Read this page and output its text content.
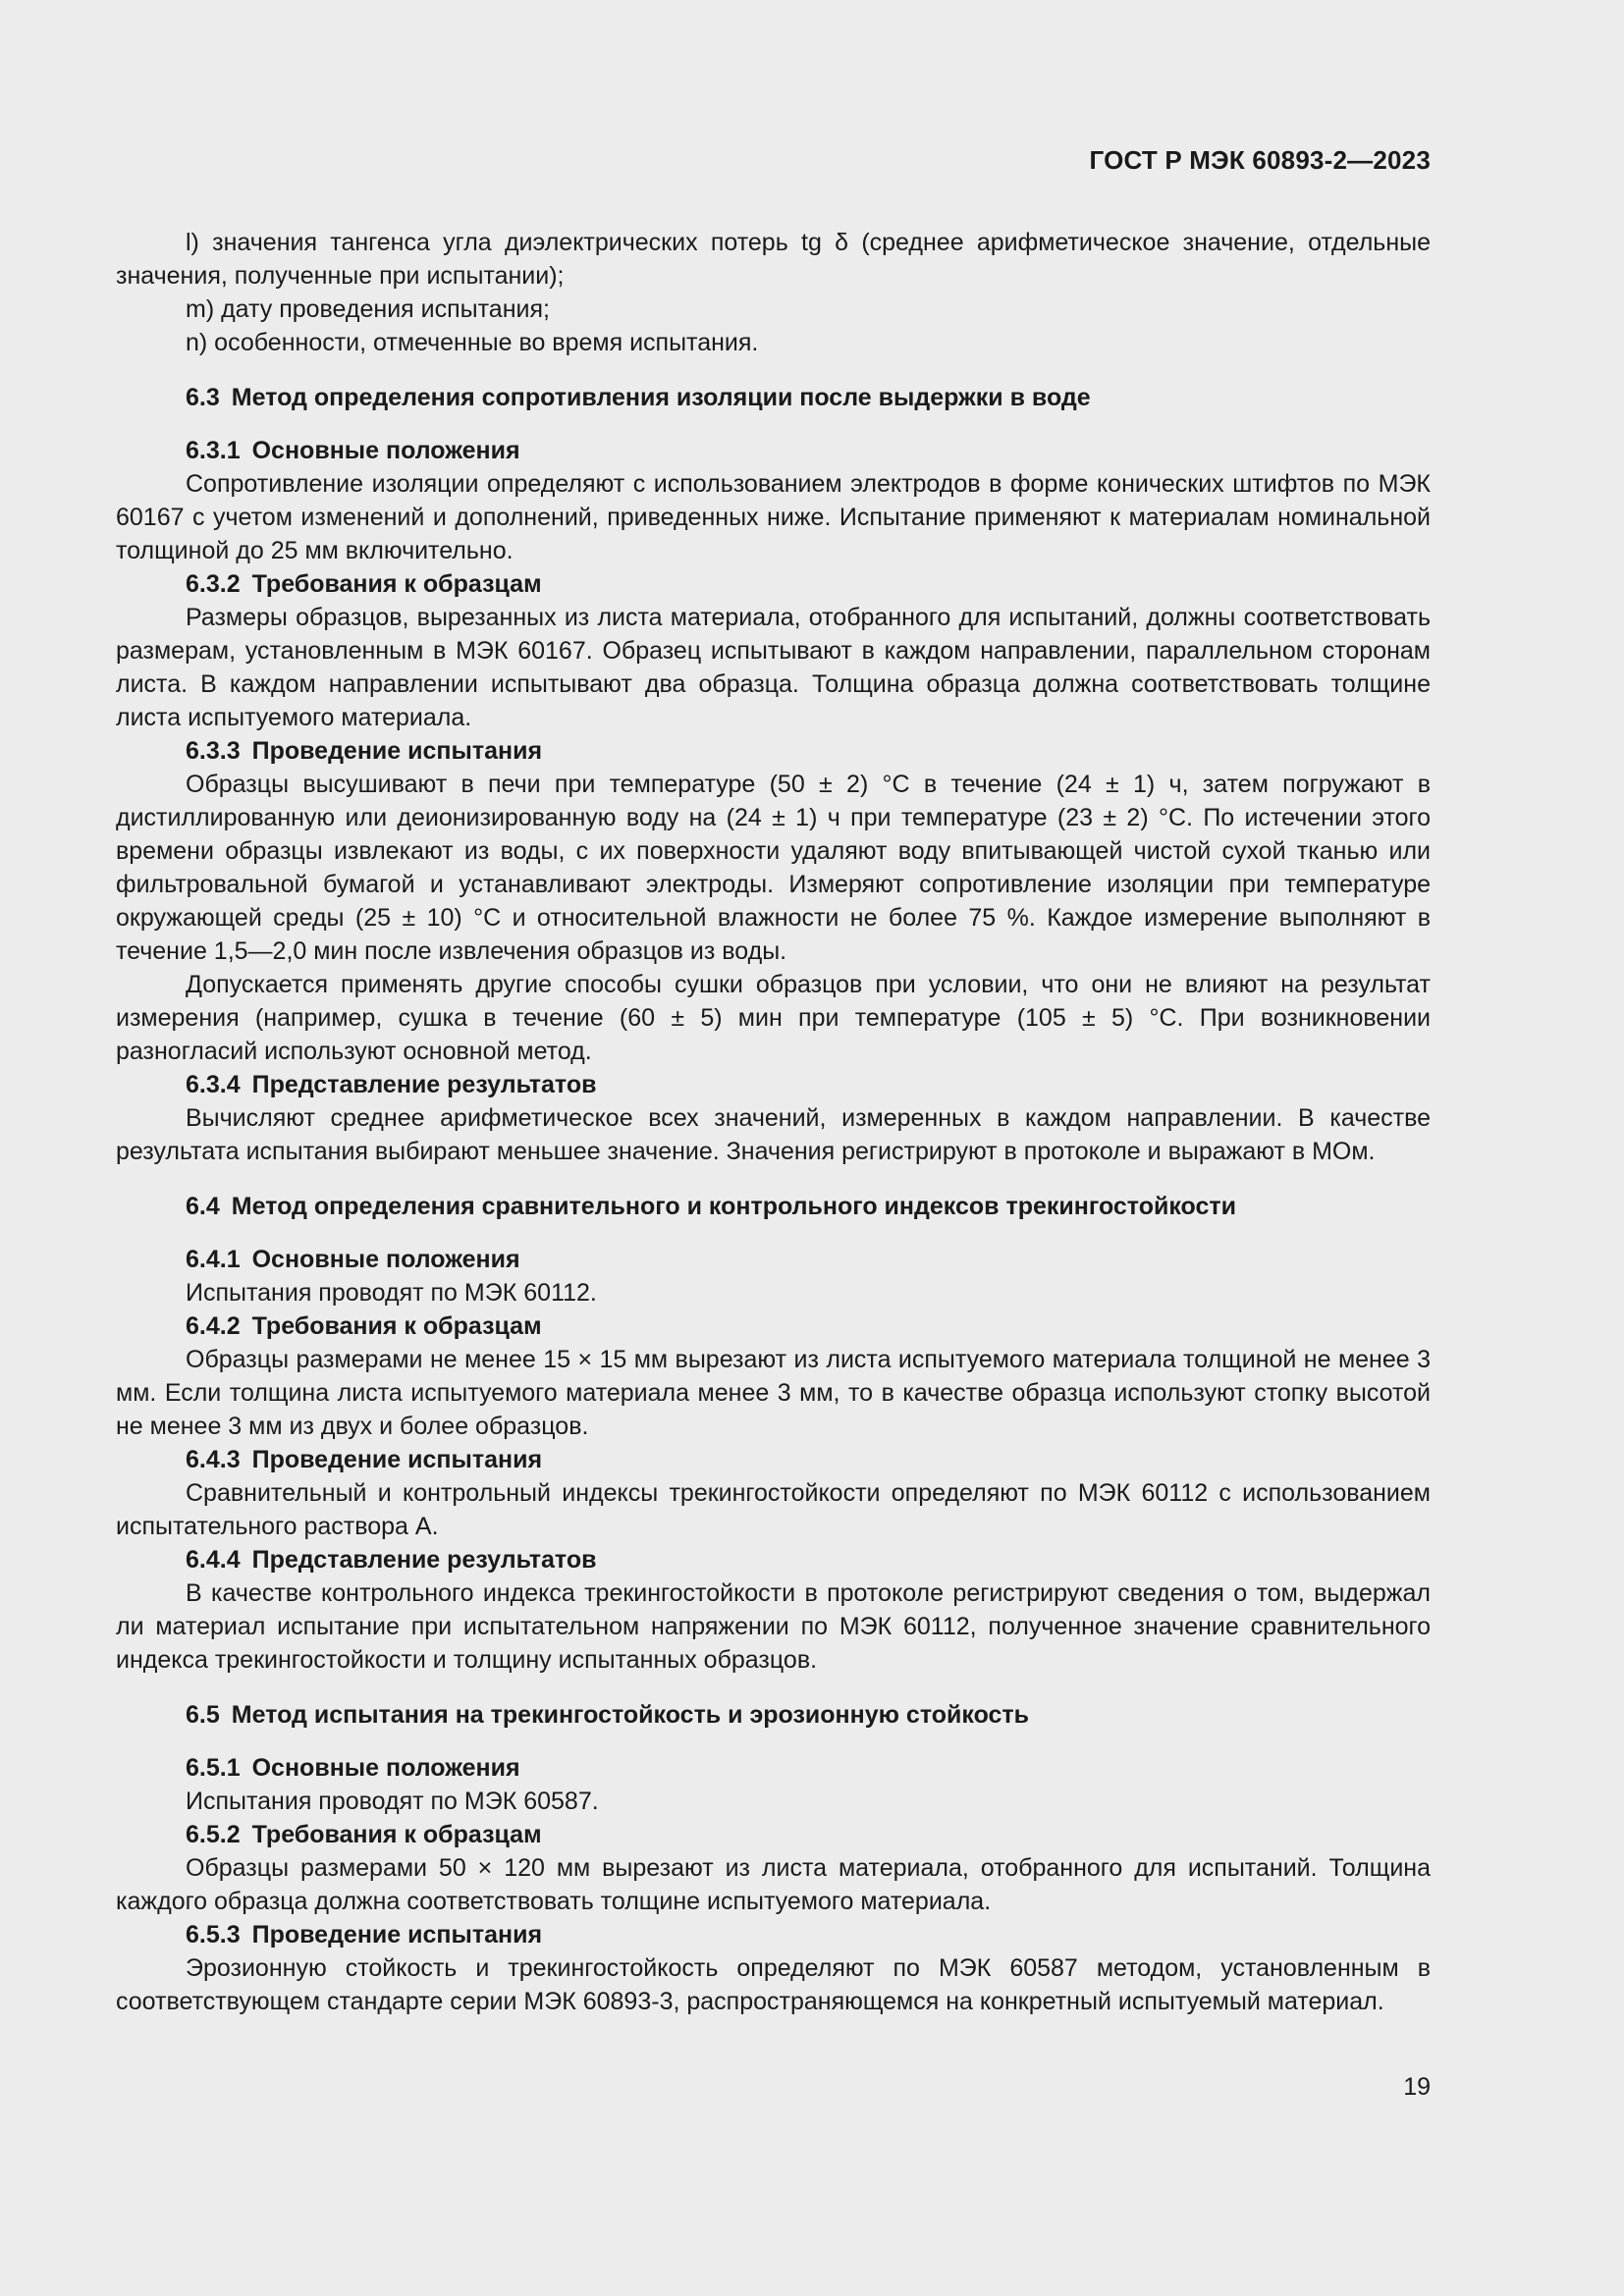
ГОСТ Р МЭК 60893-2—2023

l) значения тангенса угла диэлектрических потерь tg δ (среднее арифметическое значение, отдельные значения, полученные при испытании);

m) дату проведения испытания;

n) особенности, отмеченные во время испытания.

6.3 Метод определения сопротивления изоляции после выдержки в воде
6.3.1 Основные положения

Сопротивление изоляции определяют с использованием электродов в форме конических штифтов по МЭК 60167 с учетом изменений и дополнений, приведенных ниже. Испытание применяют к материалам номинальной толщиной до 25 мм включительно.

6.3.2 Требования к образцам

Размеры образцов, вырезанных из листа материала, отобранного для испытаний, должны соответствовать размерам, установленным в МЭК 60167. Образец испытывают в каждом направлении, параллельном сторонам листа. В каждом направлении испытывают два образца. Толщина образца должна соответствовать толщине листа испытуемого материала.

6.3.3 Проведение испытания

Образцы высушивают в печи при температуре (50 ± 2) °С в течение (24 ± 1) ч, затем погружают в дистиллированную или деионизированную воду на (24 ± 1) ч при температуре (23 ± 2) °С. По истечении этого времени образцы извлекают из воды, с их поверхности удаляют воду впитывающей чистой сухой тканью или фильтровальной бумагой и устанавливают электроды. Измеряют сопротивление изоляции при температуре окружающей среды (25 ± 10) °С и относительной влажности не более 75 %. Каждое измерение выполняют в течение 1,5—2,0 мин после извлечения образцов из воды.

Допускается применять другие способы сушки образцов при условии, что они не влияют на результат измерения (например, сушка в течение (60 ± 5) мин при температуре (105 ± 5) °С. При возникновении разногласий используют основной метод.

6.3.4 Представление результатов

Вычисляют среднее арифметическое всех значений, измеренных в каждом направлении. В качестве результата испытания выбирают меньшее значение. Значения регистрируют в протоколе и выражают в МОм.

6.4 Метод определения сравнительного и контрольного индексов трекингостойкости
6.4.1 Основные положения

Испытания проводят по МЭК 60112.

6.4.2 Требования к образцам

Образцы размерами не менее 15 × 15 мм вырезают из листа испытуемого материала толщиной не менее 3 мм. Если толщина листа испытуемого материала менее 3 мм, то в качестве образца используют стопку высотой не менее 3 мм из двух и более образцов.

6.4.3 Проведение испытания

Сравнительный и контрольный индексы трекингостойкости определяют по МЭК 60112 с использованием испытательного раствора А.

6.4.4 Представление результатов

В качестве контрольного индекса трекингостойкости в протоколе регистрируют сведения о том, выдержал ли материал испытание при испытательном напряжении по МЭК 60112, полученное значение сравнительного индекса трекингостойкости и толщину испытанных образцов.

6.5 Метод испытания на трекингостойкость и эрозионную стойкость
6.5.1 Основные положения

Испытания проводят по МЭК 60587.

6.5.2 Требования к образцам

Образцы размерами 50 × 120 мм вырезают из листа материала, отобранного для испытаний. Толщина каждого образца должна соответствовать толщине испытуемого материала.

6.5.3 Проведение испытания

Эрозионную стойкость и трекингостойкость определяют по МЭК 60587 методом, установленным в соответствующем стандарте серии МЭК 60893-3, распространяющемся на конкретный испытуемый материал.

19
